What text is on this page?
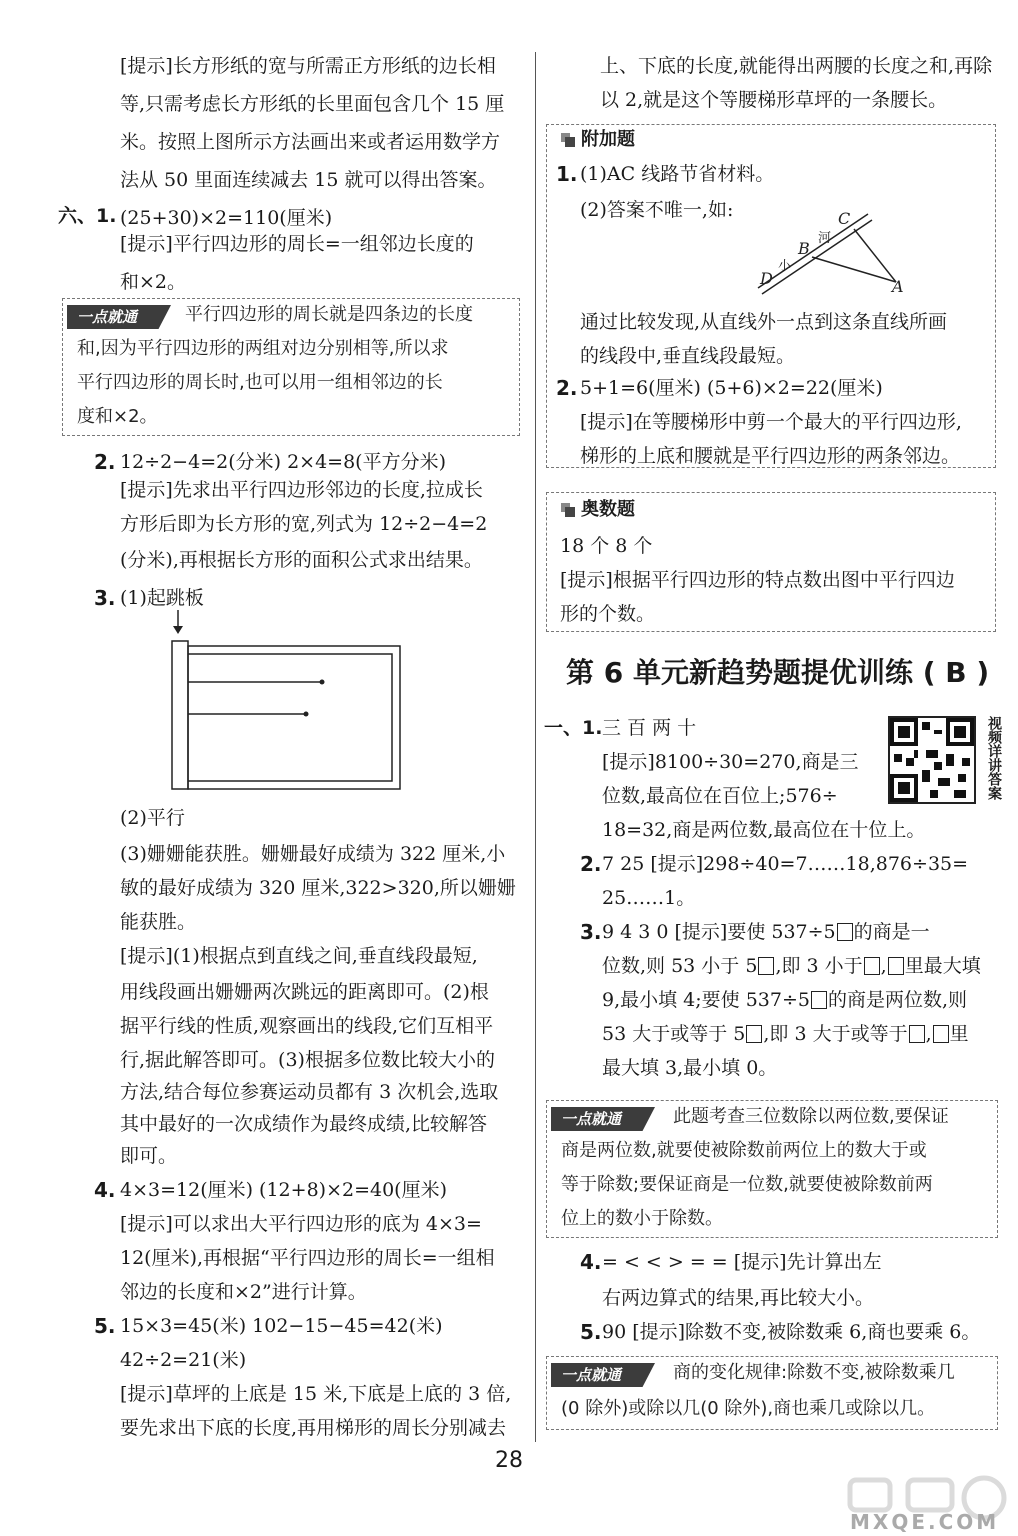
[提示]长方形纸的宽与所需正方形纸的边长相
等,只需考虑长方形纸的长里面包含几个 15 厘
米。按照上图所示方法画出来或者运用数学方
法从 50 里面连续减去 15 就可以得出答案。
六、1. (25+30)×2=110(厘米)
[提示]平行四边形的周长=一组邻边长度的
和×2。
一点就通	平行四边形的周长就是四条边的长度
和,因为平行四边形的两组对边分别相等,所以求
平行四边形的周长时,也可以用一组相邻边的长
度和×2。
2. 12÷2−4=2(分米) 2×4=8(平方分米)
[提示]先求出平行四边形邻边的长度,拉成长
方形后即为长方形的宽,列式为 12÷2−4=2
(分米),再根据长方形的面积公式求出结果。
3. (1)起跳板
(2)平行
(3)姗姗能获胜。姗姗最好成绩为 322 厘米,小
敏的最好成绩为 320 厘米,322>320,所以姗姗
能获胜。
[提示](1)根据点到直线之间,垂直线段最短,
用线段画出姗姗两次跳远的距离即可。(2)根
据平行线的性质,观察画出的线段,它们互相平
行,据此解答即可。(3)根据多位数比较大小的
方法,结合每位参赛运动员都有 3 次机会,选取
其中最好的一次成绩作为最终成绩,比较解答
即可。
4. 4×3=12(厘米) (12+8)×2=40(厘米)
[提示]可以求出大平行四边形的底为 4×3=
12(厘米),再根据“平行四边形的周长=一组相
邻边的长度和×2”进行计算。
5. 15×3=45(米) 102−15−45=42(米)
42÷2=21(米)
[提示]草坪的上底是 15 米,下底是上底的 3 倍,
要先求出下底的长度,再用梯形的周长分别减去
上、下底的长度,就能得出两腰的长度之和,再除
以 2,就是这个等腰梯形草坪的一条腰长。
附加题
1. (1)AC 线路节省材料。
(2)答案不唯一,如:	C
B
D	A
小
河
通过比较发现,从直线外一点到这条直线所画
的线段中,垂直线段最短。
2. 5+1=6(厘米) (5+6)×2=22(厘米)
[提示]在等腰梯形中剪一个最大的平行四边形,
梯形的上底和腰就是平行四边形的两条邻边。
奥数题
18 个 8 个
[提示]根据平行四边形的特点数出图中平行四边
形的个数。
第 6 单元新趋势题提优训练 ( B )
视频详讲答案
一、1. 三 百 两 十
[提示]8100÷30=270,商是三
位数,最高位在百位上;576÷
18=32,商是两位数,最高位在十位上。
2. 7 25 [提示]298÷40=7……18,876÷35=
25……1。
3. 9 4 3 0 [提示]要使 537÷5 的商是一
位数,则 53 小于 5 ,即 3 小于 , 里最大填
9,最小填 4;要使 537÷5 的商是两位数,则
53 大于或等于 5 ,即 3 大于或等于 , 里
最大填 3,最小填 0。
一点就通	此题考查三位数除以两位数,要保证
商是两位数,就要使被除数前两位上的数大于或
等于除数;要保证商是一位数,就要使被除数前两
位上的数小于除数。
4. = < < > = = [提示]先计算出左
右两边算式的结果,再比较大小。
5. 90 [提示]除数不变,被除数乘 6,商也要乘 6。
一点就通	商的变化规律:除数不变,被除数乘几
(0 除外)或除以几(0 除外),商也乘几或除以几。
28
MXQE.COM
